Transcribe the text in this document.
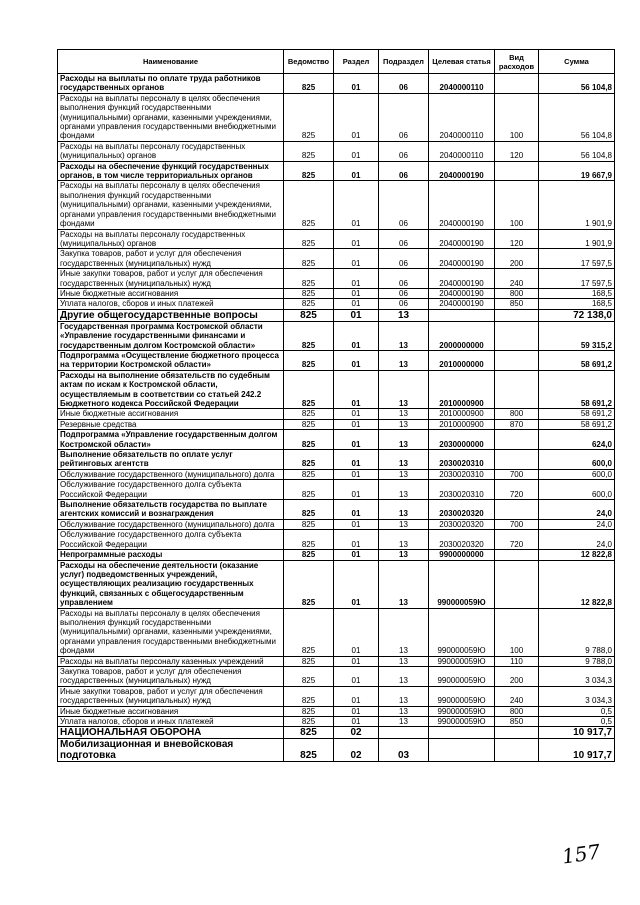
Наименование	Ведомство	Раздел	Подраздел	Целевая статья	Вид расходов	Сумма
Расходы на выплаты по оплате труда работников государственных органов	825	01	06	2040000110		56 104,8
Расходы на выплаты персоналу в целях обеспечения выполнения функций государственными (муниципальными) органами, казенными учреждениями, органами управления государственными внебюджетными фондами	825	01	06	2040000110	100	56 104,8
Расходы на выплаты персоналу государственных (муниципальных) органов	825	01	06	2040000110	120	56 104,8
Расходы на обеспечение функций государственных органов, в том числе территориальных органов	825	01	06	2040000190		19 667,9
Расходы на выплаты персоналу в целях обеспечения выполнения функций государственными (муниципальными) органами, казенными учреждениями, органами управления государственными внебюджетными фондами	825	01	06	2040000190	100	1 901,9
Расходы на выплаты персоналу государственных (муниципальных) органов	825	01	06	2040000190	120	1 901,9
Закупка товаров, работ и услуг для обеспечения государственных (муниципальных) нужд	825	01	06	2040000190	200	17 597,5
Иные закупки товаров, работ и услуг для обеспечения государственных (муниципальных) нужд	825	01	06	2040000190	240	17 597,5
Иные бюджетные ассигнования	825	01	06	2040000190	800	168,5
Уплата налогов, сборов и иных платежей	825	01	06	2040000190	850	168,5
Другие общегосударственные вопросы	825	01	13			72 138,0
Государственная программа Костромской области «Управление государственными финансами и государственным долгом Костромской области»	825	01	13	2000000000		59 315,2
Подпрограмма «Осуществление бюджетного процесса на территории Костромской области»	825	01	13	2010000000		58 691,2
Расходы на выполнение обязательств по судебным актам по искам к Костромской области, осуществляемым в соответствии со статьей 242.2 Бюджетного кодекса Российской Федерации	825	01	13	2010000900		58 691,2
Иные бюджетные ассигнования	825	01	13	2010000900	800	58 691,2
Резервные средства	825	01	13	2010000900	870	58 691,2
Подпрограмма «Управление государственным долгом Костромской области»	825	01	13	2030000000		624,0
Выполнение обязательств по оплате услуг рейтинговых агентств	825	01	13	2030020310		600,0
Обслуживание государственного (муниципального) долга	825	01	13	2030020310	700	600,0
Обслуживание государственного долга субъекта Российской Федерации	825	01	13	2030020310	720	600,0
Выполнение обязательств государства по выплате агентских комиссий и вознаграждения	825	01	13	2030020320		24,0
Обслуживание государственного (муниципального) долга	825	01	13	2030020320	700	24,0
Обслуживание государственного долга субъекта Российской Федерации	825	01	13	2030020320	720	24,0
Непрограммные расходы	825	01	13	9900000000		12 822,8
Расходы на обеспечение деятельности (оказание услуг) подведомственных учреждений, осуществляющих реализацию государственных функций, связанных с общегосударственным управлением	825	01	13	990000059Ю		12 822,8
Расходы на выплаты персоналу в целях обеспечения выполнения функций государственными (муниципальными) органами, казенными учреждениями, органами управления государственными внебюджетными фондами	825	01	13	990000059Ю	100	9 788,0
Расходы на выплаты персоналу казенных учреждений	825	01	13	990000059Ю	110	9 788,0
Закупка товаров, работ и услуг для обеспечения государственных (муниципальных) нужд	825	01	13	990000059Ю	200	3 034,3
Иные закупки товаров, работ и услуг для обеспечения государственных (муниципальных) нужд	825	01	13	990000059Ю	240	3 034,3
Иные бюджетные ассигнования	825	01	13	990000059Ю	800	0,5
Уплата налогов, сборов и иных платежей	825	01	13	990000059Ю	850	0,5
НАЦИОНАЛЬНАЯ ОБОРОНА	825	02				10 917,7
Мобилизационная и вневойсковая подготовка	825	02	03			10 917,7
157
